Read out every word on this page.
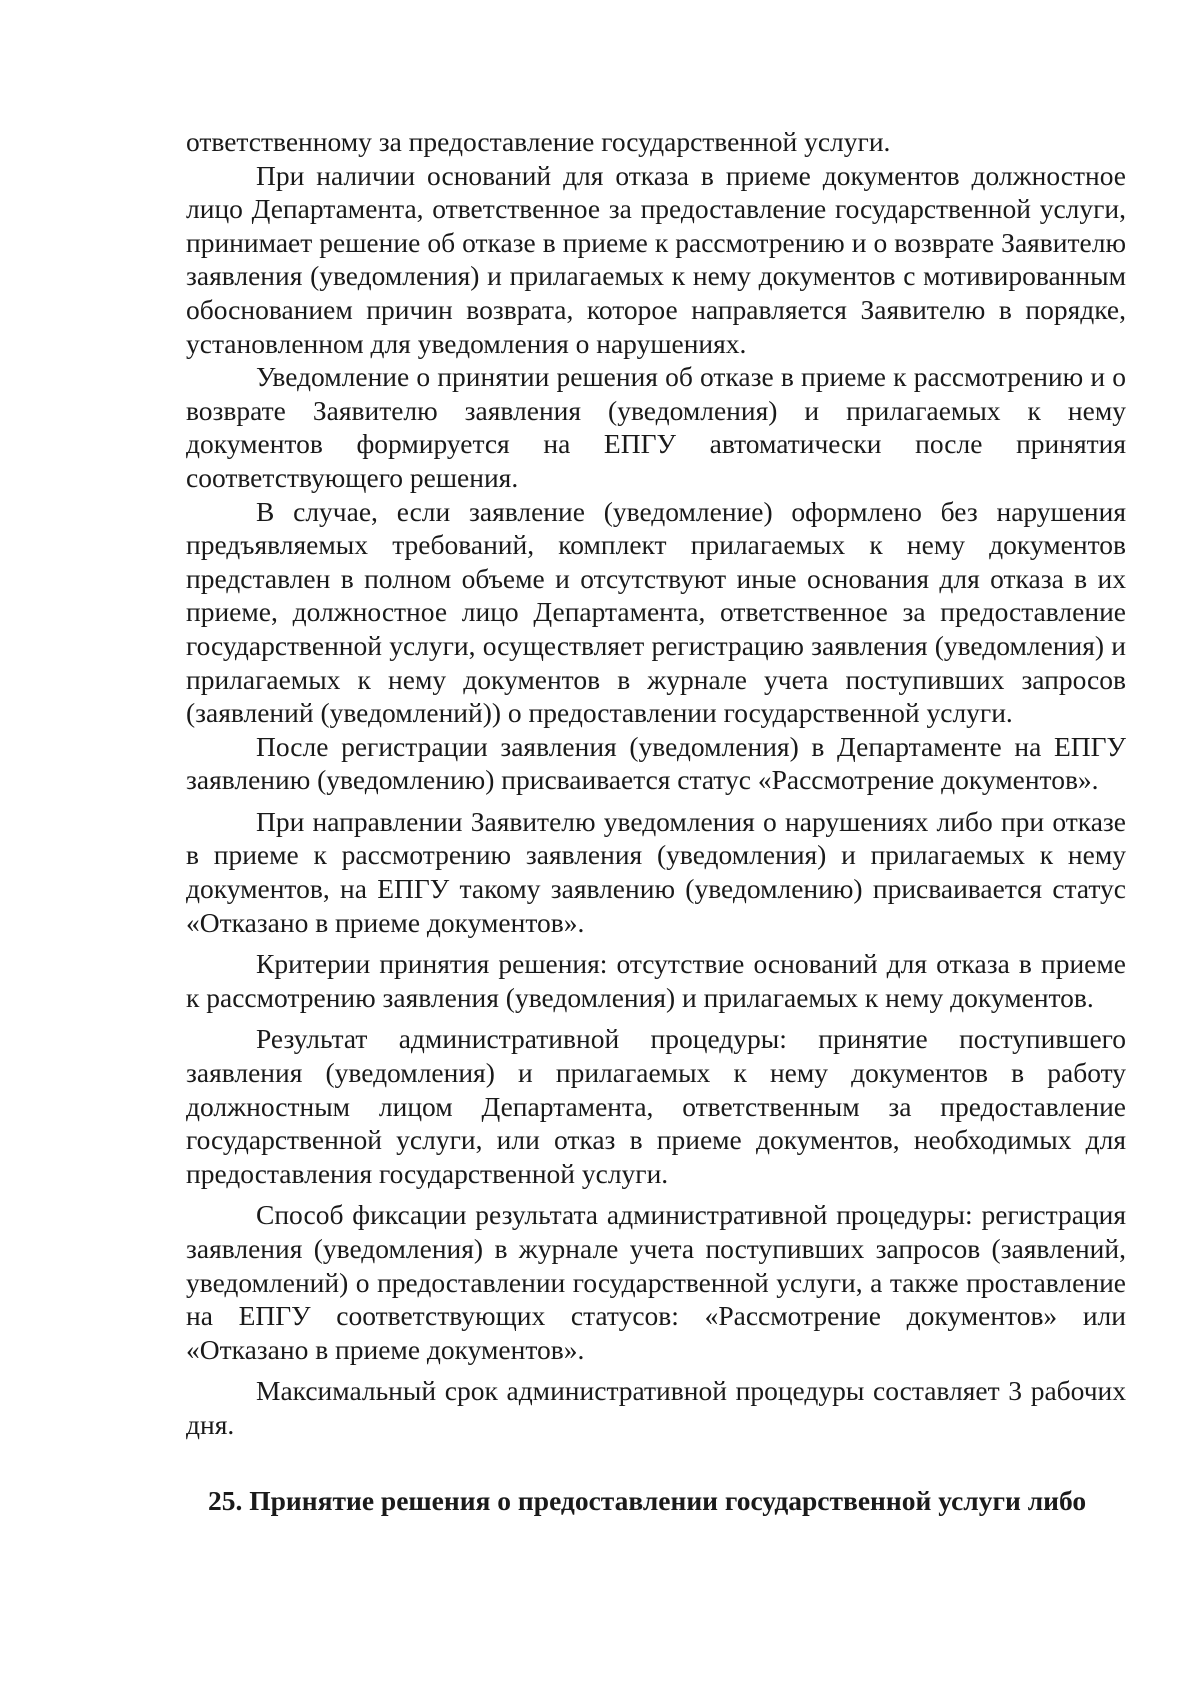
ответственному за предоставление государственной услуги.

При наличии оснований для отказа в приеме документов должностное лицо Департамента, ответственное за предоставление государственной услуги, принимает решение об отказе в приеме к рассмотрению и о возврате Заявителю заявления (уведомления) и прилагаемых к нему документов с мотивированным обоснованием причин возврата, которое направляется Заявителю в порядке, установленном для уведомления о нарушениях.

Уведомление о принятии решения об отказе в приеме к рассмотрению и о возврате Заявителю заявления (уведомления) и прилагаемых к нему документов формируется на ЕПГУ автоматически после принятия соответствующего решения.

В случае, если заявление (уведомление) оформлено без нарушения предъявляемых требований, комплект прилагаемых к нему документов представлен в полном объеме и отсутствуют иные основания для отказа в их приеме, должностное лицо Департамента, ответственное за предоставление государственной услуги, осуществляет регистрацию заявления (уведомления) и прилагаемых к нему документов в журнале учета поступивших запросов (заявлений (уведомлений)) о предоставлении государственной услуги.

После регистрации заявления (уведомления) в Департаменте на ЕПГУ заявлению (уведомлению) присваивается статус «Рассмотрение документов».

При направлении Заявителю уведомления о нарушениях либо при отказе в приеме к рассмотрению заявления (уведомления) и прилагаемых к нему документов, на ЕПГУ такому заявлению (уведомлению) присваивается статус «Отказано в приеме документов».

Критерии принятия решения: отсутствие оснований для отказа в приеме к рассмотрению заявления (уведомления) и прилагаемых к нему документов.

Результат административной процедуры: принятие поступившего заявления (уведомления) и прилагаемых к нему документов в работу должностным лицом Департамента, ответственным за предоставление государственной услуги, или отказ в приеме документов, необходимых для предоставления государственной услуги.

Способ фиксации результата административной процедуры: регистрация заявления (уведомления) в журнале учета поступивших запросов (заявлений, уведомлений) о предоставлении государственной услуги, а также проставление на ЕПГУ соответствующих статусов: «Рассмотрение документов» или «Отказано в приеме документов».

Максимальный срок административной процедуры составляет 3 рабочих дня.

25. Принятие решения о предоставлении государственной услуги либо
